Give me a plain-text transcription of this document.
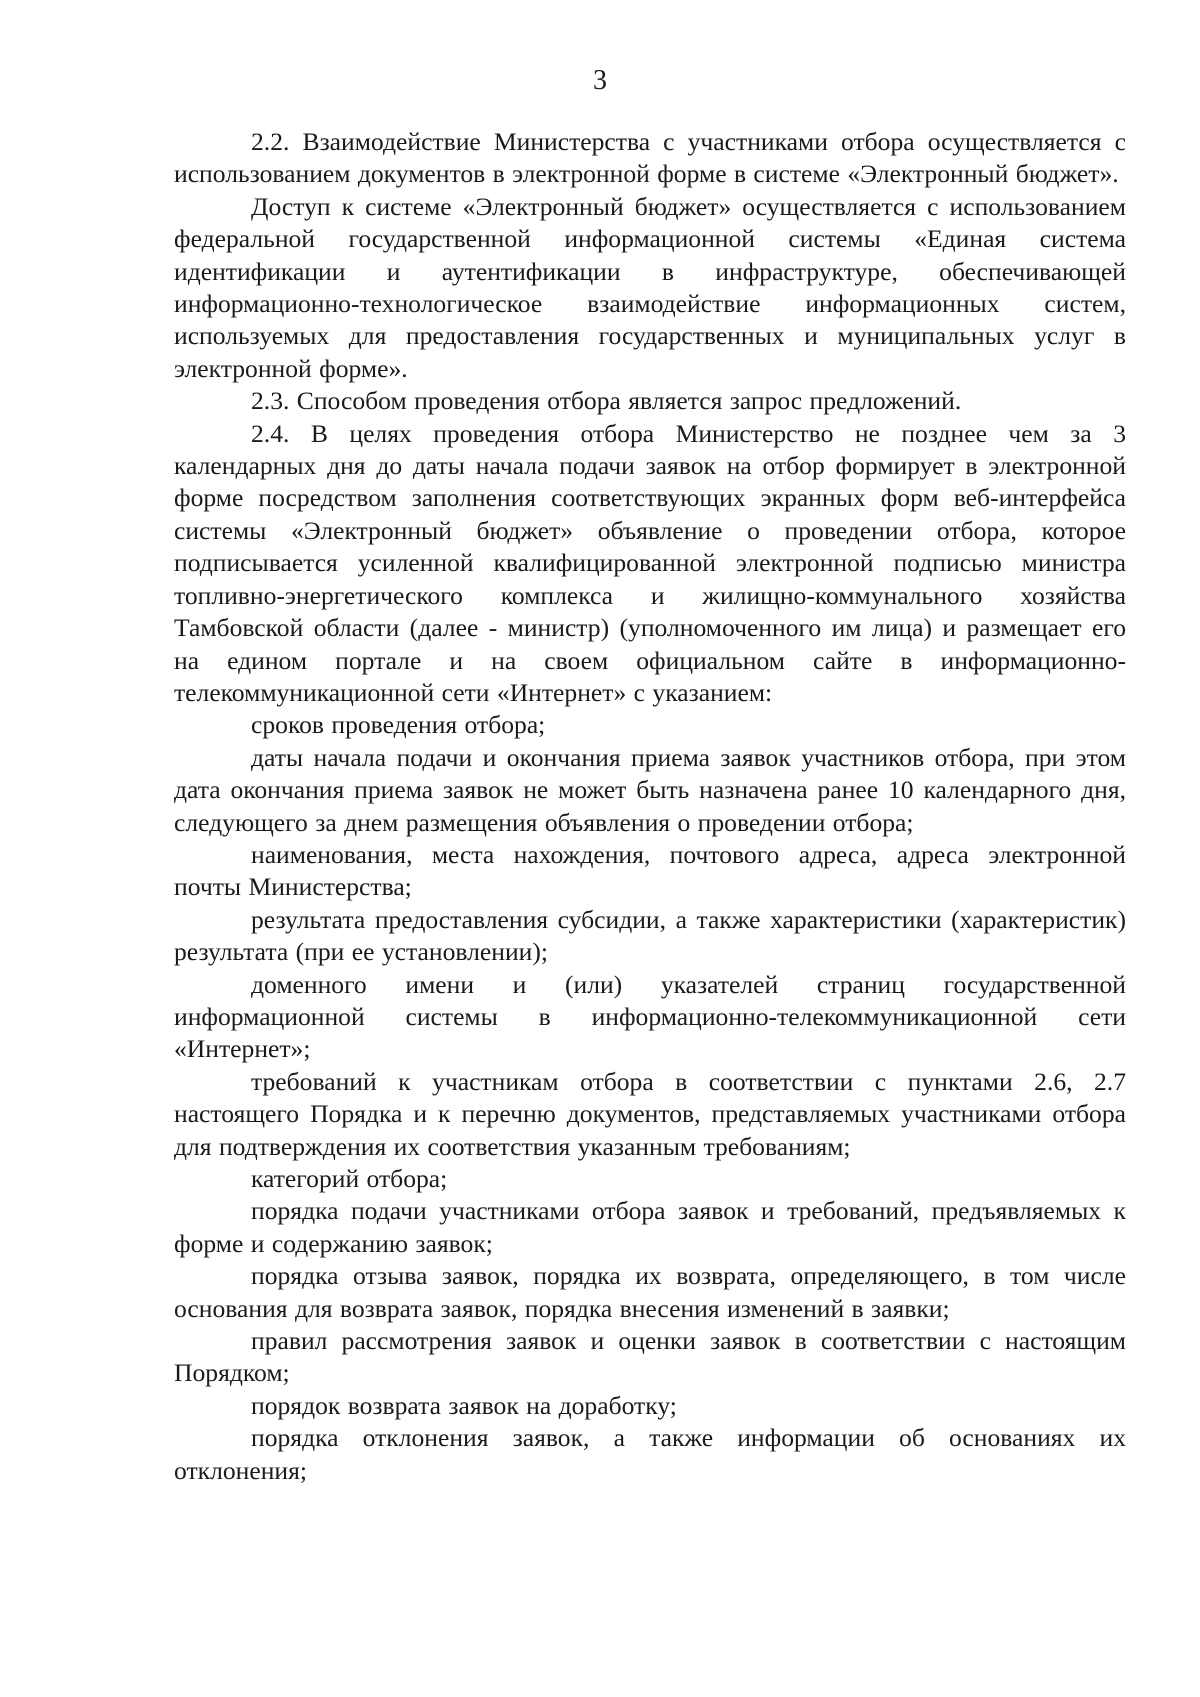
3

2.2. Взаимодействие Министерства с участниками отбора осуществляется с использованием документов в электронной форме в системе «Электронный бюджет».

Доступ к системе «Электронный бюджет» осуществляется с использованием федеральной государственной информационной системы «Единая система идентификации и аутентификации в инфраструктуре, обеспечивающей информационно-технологическое взаимодействие информационных систем, используемых для предоставления государственных и муниципальных услуг в электронной форме».

2.3. Способом проведения отбора является запрос предложений.

2.4. В целях проведения отбора Министерство не позднее чем за 3 календарных дня до даты начала подачи заявок на отбор формирует в электронной форме посредством заполнения соответствующих экранных форм веб-интерфейса системы «Электронный бюджет» объявление о проведении отбора, которое подписывается усиленной квалифицированной электронной подписью министра топливно-энергетического комплекса и жилищно-коммунального хозяйства Тамбовской области (далее - министр) (уполномоченного им лица) и размещает его на едином портале и на своем официальном сайте в информационно-телекоммуникационной сети «Интернет» с указанием:

сроков проведения отбора;

даты начала подачи и окончания приема заявок участников отбора, при этом дата окончания приема заявок не может быть назначена ранее 10 календарного дня, следующего за днем размещения объявления о проведении отбора;

наименования, места нахождения, почтового адреса, адреса электронной почты Министерства;

результата предоставления субсидии, а также характеристики (характеристик) результата (при ее установлении);

доменного имени и (или) указателей страниц государственной информационной системы в информационно-телекоммуникационной сети «Интернет»;

требований к участникам отбора в соответствии с пунктами 2.6, 2.7 настоящего Порядка и к перечню документов, представляемых участниками отбора для подтверждения их соответствия указанным требованиям;

категорий отбора;

порядка подачи участниками отбора заявок и требований, предъявляемых к форме и содержанию заявок;

порядка отзыва заявок, порядка их возврата, определяющего, в том числе основания для возврата заявок, порядка внесения изменений в заявки;

правил рассмотрения заявок и оценки заявок в соответствии с настоящим Порядком;

порядок возврата заявок на доработку;

порядка отклонения заявок, а также информации об основаниях их отклонения;
